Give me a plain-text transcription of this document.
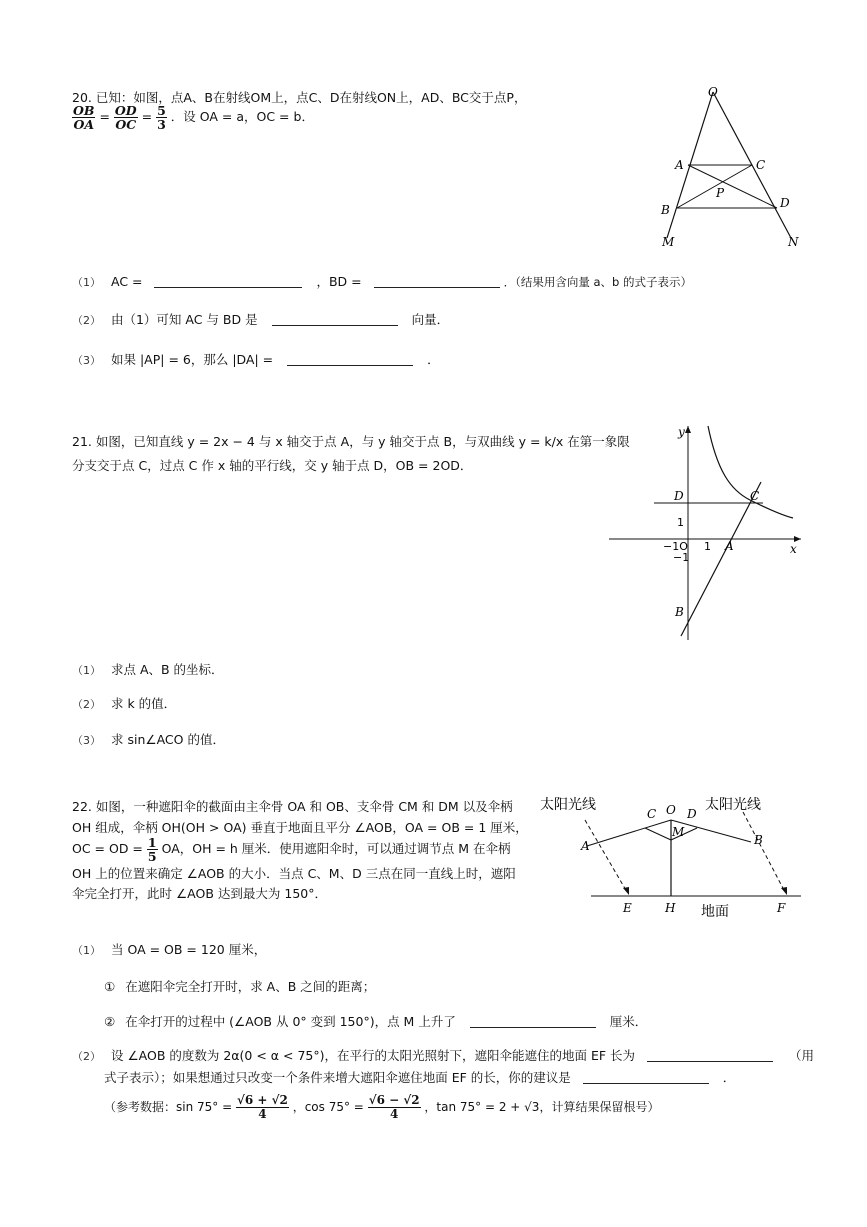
20. 已知：如图，点A、B在射线OM上，点C、D在射线ON上，AD、BC交于点P，
$\frac{OB}{OA} = \frac{OD}{OC} = \frac{5}{3}$ ．设 OA = a，OC = b．
O
A	C
P
B	D
M	N
（1） AC =	，BD =	．（结果用含向量 a、b 的式子表示）
（2） 由（1）可知 AC 与 BD 是	向量．
（3） 如果 |AP| = 6，那么 |DA| =	．
21. 如图，已知直线 y = 2x − 4 与 x 轴交于点 A，与 y 轴交于点 B，与双曲线 y = k/x 在第一象限
分支交于点 C，过点 C 作 x 轴的平行线，交 y 轴于点 D，OB = 2OD．
y
D	C
1
−1O 1 A
−1
x
B
（1） 求点 A、B 的坐标．
（2） 求 k 的值．
（3） 求 sin∠ACO 的值．
22. 如图，一种遮阳伞的截面由主伞骨 OA 和 OB、支伞骨 CM 和 DM 以及伞柄
OH 组成，伞柄 OH(OH > OA) 垂直于地面且平分 ∠AOB，OA = OB = 1 厘米，
OC = OD = $\frac{1}{5}$ OA，OH = h 厘米．使用遮阳伞时，可以通过调节点 M 在伞柄
OH 上的位置来确定 ∠AOB 的大小．当点 C、M、D 三点在同一直线上时，遮阳
伞完全打开，此时 ∠AOB 达到最大为 150°．
太阳光线	太阳光线
C O D
M
A	B
E	H 地面	F
（1） 当 OA = OB = 120 厘米，
① 在遮阳伞完全打开时，求 A、B 之间的距离；
② 在伞打开的过程中 (∠AOB 从 0° 变到 150°)，点 M 上升了	厘米．
（2） 设 ∠AOB 的度数为 2α(0 < α < 75°)，在平行的太阳光照射下，遮阳伞能遮住的地面 EF 长为	（用
式子表示）；如果想通过只改变一个条件来增大遮阳伞遮住地面 EF 的长，你的建议是	．
（参考数据：$\sin 75^\circ = \frac{√6 + √2}{4}$ ，$\cos 75^\circ = \frac{√6 - √2}{4}$ ，tan 75° = 2 + √3，计算结果保留根号）
